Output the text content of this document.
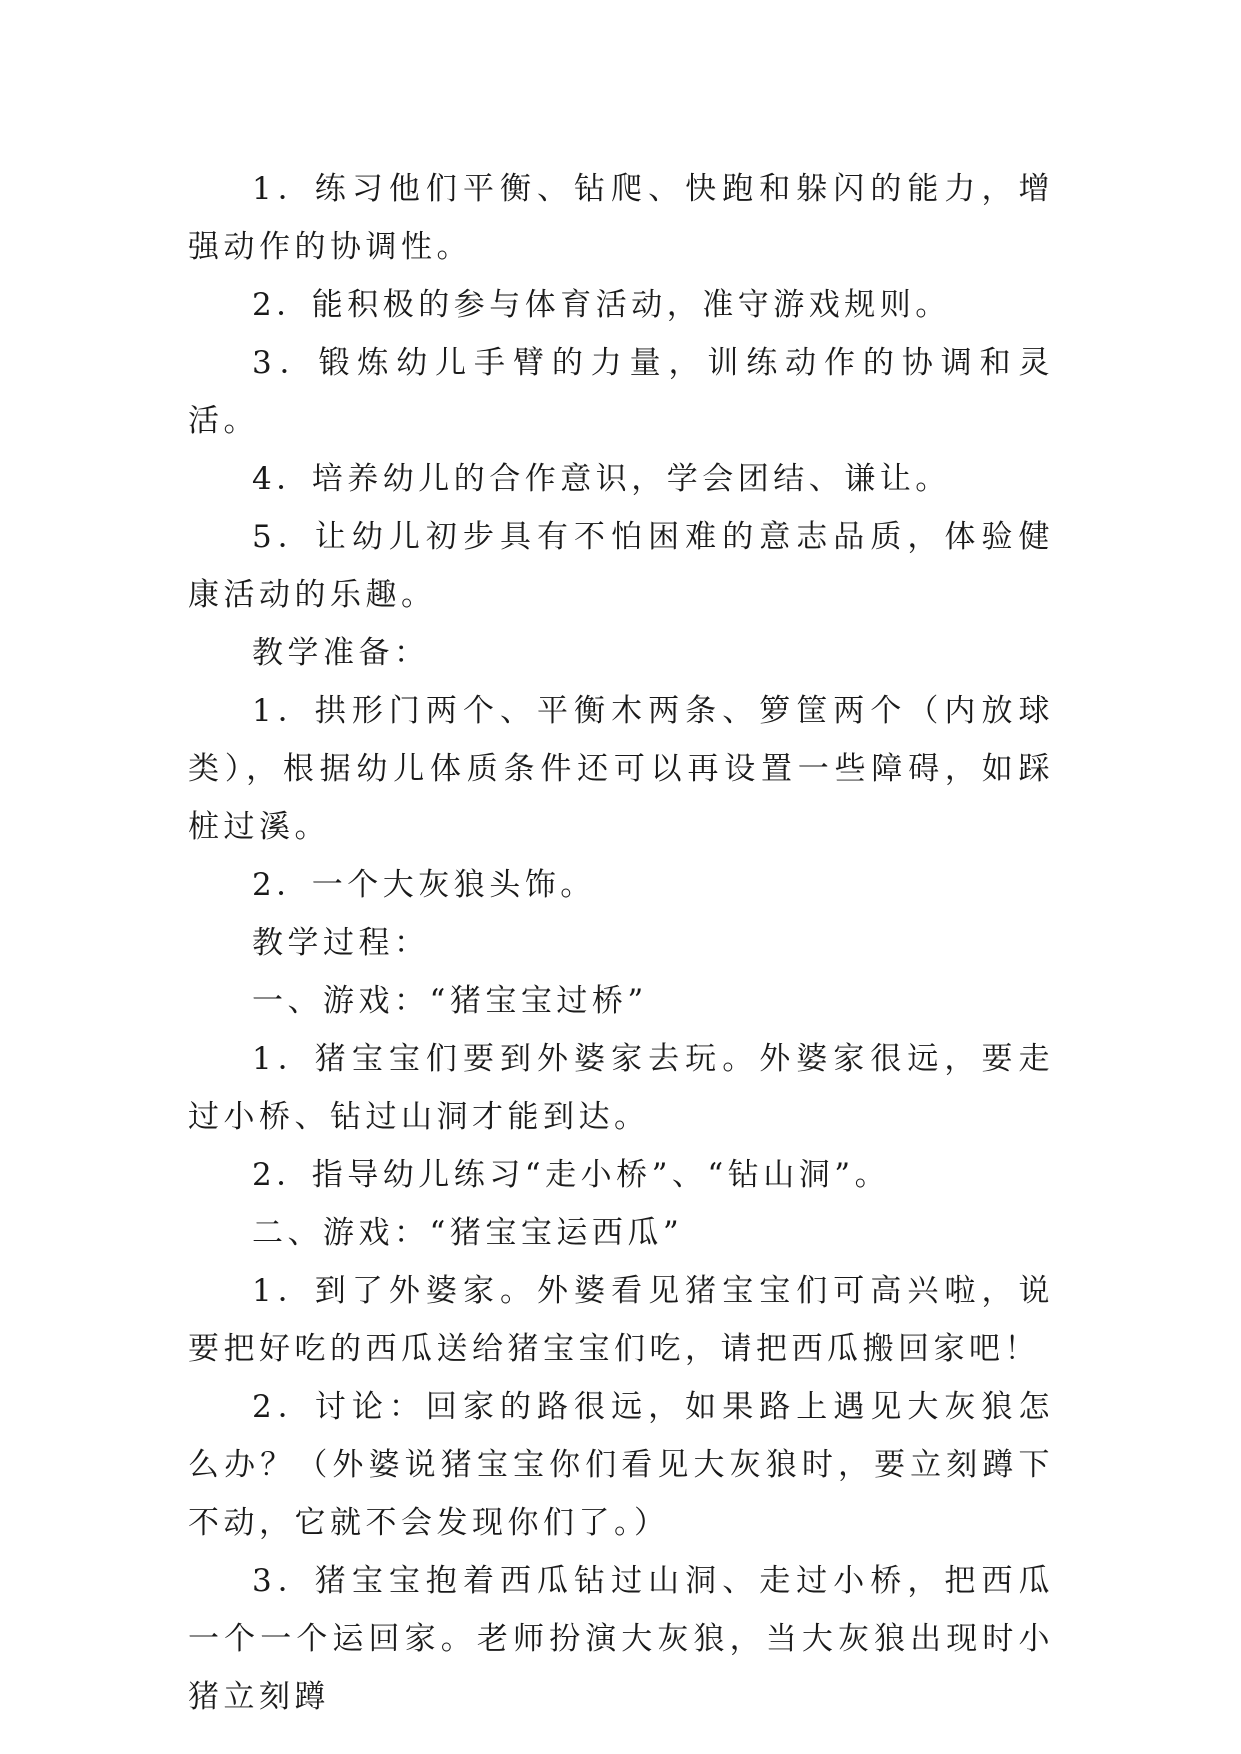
1．练习他们平衡、钻爬、快跑和躲闪的能力，增强动作的协调性。

2．能积极的参与体育活动，准守游戏规则。

3．锻炼幼儿手臂的力量，训练动作的协调和灵活。

4．培养幼儿的合作意识，学会团结、谦让。

5．让幼儿初步具有不怕困难的意志品质，体验健康活动的乐趣。

教学准备：

1．拱形门两个、平衡木两条、箩筐两个（内放球类），根据幼儿体质条件还可以再设置一些障碍，如踩桩过溪。

2．一个大灰狼头饰。

教学过程：

一、游戏：“猪宝宝过桥”

1．猪宝宝们要到外婆家去玩。外婆家很远，要走过小桥、钻过山洞才能到达。

2．指导幼儿练习“走小桥”、“钻山洞”。

二、游戏：“猪宝宝运西瓜”

1．到了外婆家。外婆看见猪宝宝们可高兴啦，说要把好吃的西瓜送给猪宝宝们吃，请把西瓜搬回家吧！

2．讨论：回家的路很远，如果路上遇见大灰狼怎么办？（外婆说猪宝宝你们看见大灰狼时，要立刻蹲下不动，它就不会发现你们了。）

3．猪宝宝抱着西瓜钻过山洞、走过小桥，把西瓜一个一个运回家。老师扮演大灰狼，当大灰狼出现时小猪立刻蹲
